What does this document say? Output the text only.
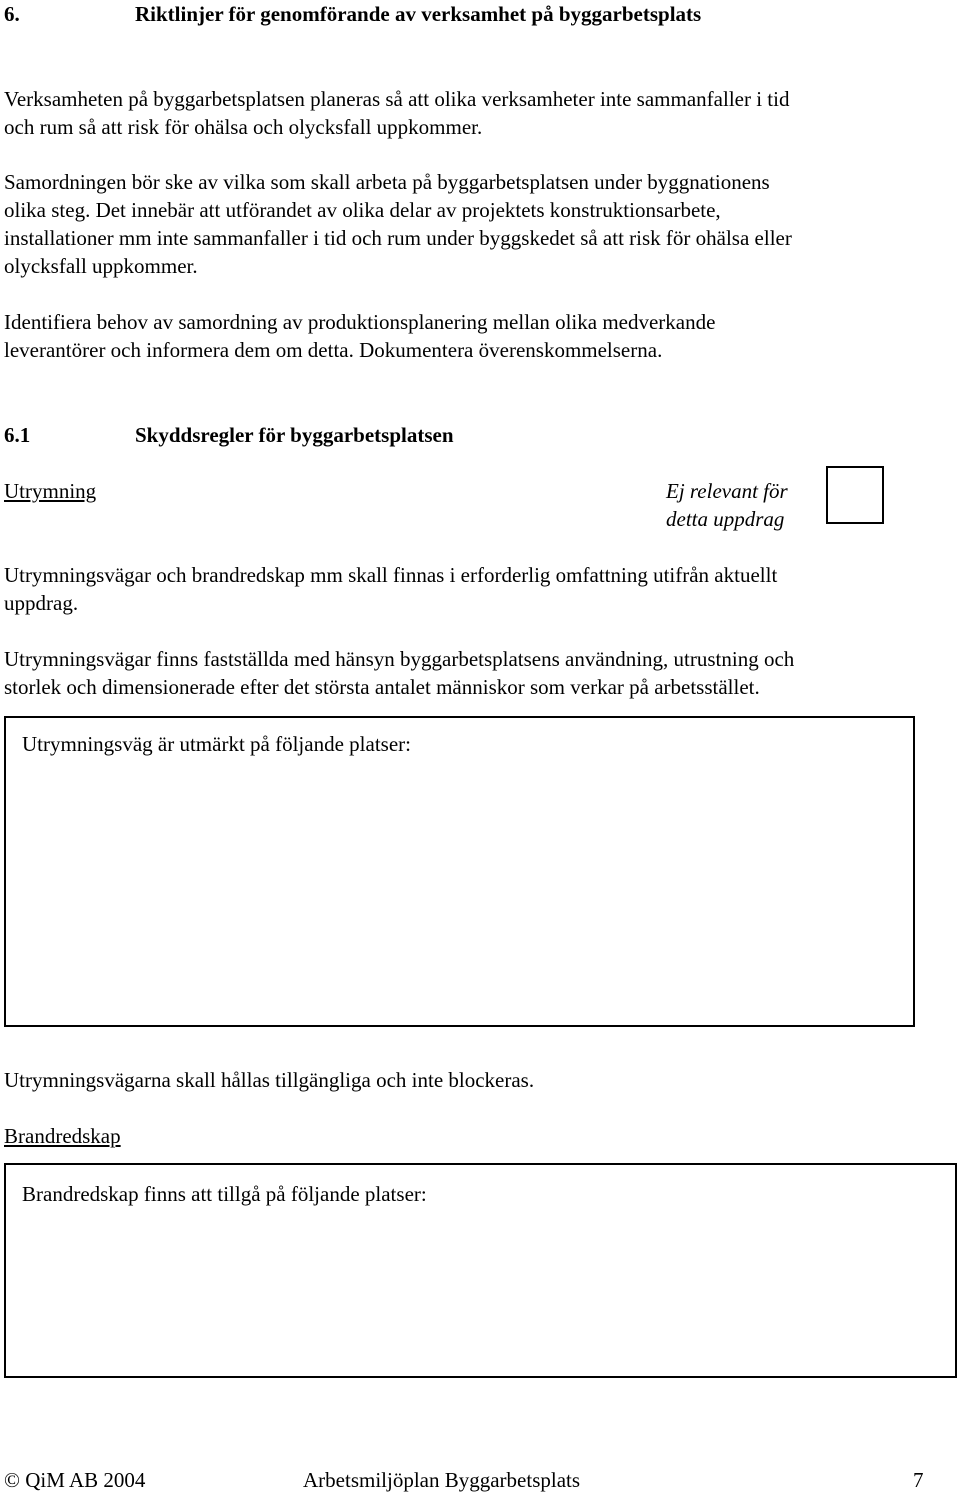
6.	Riktlinjer för genomförande av verksamhet på byggarbetsplats
Verksamheten på byggarbetsplatsen planeras så att olika verksamheter inte sammanfaller i tid
och rum så att risk för ohälsa och olycksfall uppkommer.
Samordningen bör ske av vilka som skall arbeta på byggarbetsplatsen under byggnationens
olika steg. Det innebär att utförandet av olika delar av projektets konstruktionsarbete,
installationer mm inte sammanfaller i tid och rum under byggskedet så att risk för ohälsa eller
olycksfall uppkommer.
Identifiera behov av samordning av produktionsplanering mellan olika medverkande
leverantörer och informera dem om detta. Dokumentera överenskommelserna.
6.1	Skyddsregler för byggarbetsplatsen
Utrymning	Ej relevant för
detta uppdrag
Utrymningsvägar och brandredskap mm skall finnas i erforderlig omfattning utifrån aktuellt
uppdrag.
Utrymningsvägar finns fastställda med hänsyn byggarbetsplatsens användning, utrustning och
storlek och dimensionerade efter det största antalet människor som verkar på arbetsstället.
Utrymningsväg är utmärkt på följande platser:
Utrymningsvägarna skall hållas tillgängliga och inte blockeras.
Brandredskap
Brandredskap finns att tillgå på följande platser:
© QiM AB 2004	Arbetsmiljöplan Byggarbetsplats	7
